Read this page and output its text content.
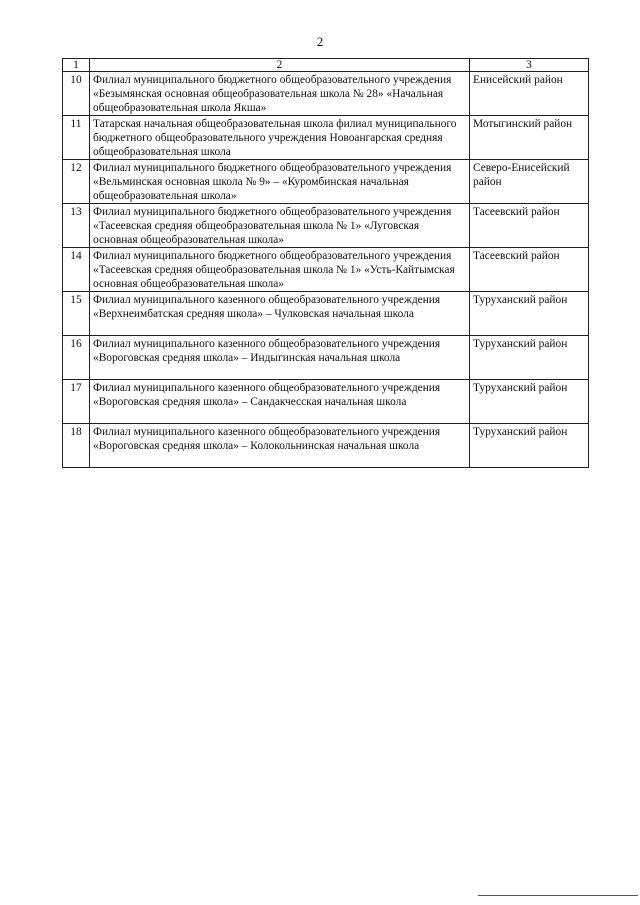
2
1	2	3
10	Филиал муниципального бюджетного общеобразовательного учреждения «Безымянская основная общеобразовательная школа № 28» «Начальная общеобразовательная школа Якша»	Енисейский район
11	Татарская начальная общеобразовательная школа филиал муниципального бюджетного общеобразовательного учреждения Новоангарская средняя общеобразовательная школа	Мотыгинский район
12	Филиал муниципального бюджетного общеобразовательного учреждения «Вельминская основная школа № 9» – «Куромбинская начальная общеобразовательная школа»	Северо-Енисейский район
13	Филиал муниципального бюджетного общеобразовательного учреждения «Тасеевская средняя общеобразовательная школа № 1» «Луговская основная общеобразовательная школа»	Тасеевский район
14	Филиал муниципального бюджетного общеобразовательного учреждения «Тасеевская средняя общеобразовательная школа № 1» «Усть-Кайтымская основная общеобразовательная школа»	Тасеевский район
15	Филиал муниципального казенного общеобразовательного учреждения «Верхнеимбатская средняя школа» – Чулковская начальная школа	Туруханский район
16	Филиал муниципального казенного общеобразовательного учреждения «Вороговская средняя школа» – Индыгинская начальная школа	Туруханский район
17	Филиал муниципального казенного общеобразовательного учреждения «Вороговская средняя школа» – Сандакчесская начальная школа	Туруханский район
18	Филиал муниципального казенного общеобразовательного учреждения «Вороговская средняя школа» – Колокольнинская начальная школа	Туруханский район
